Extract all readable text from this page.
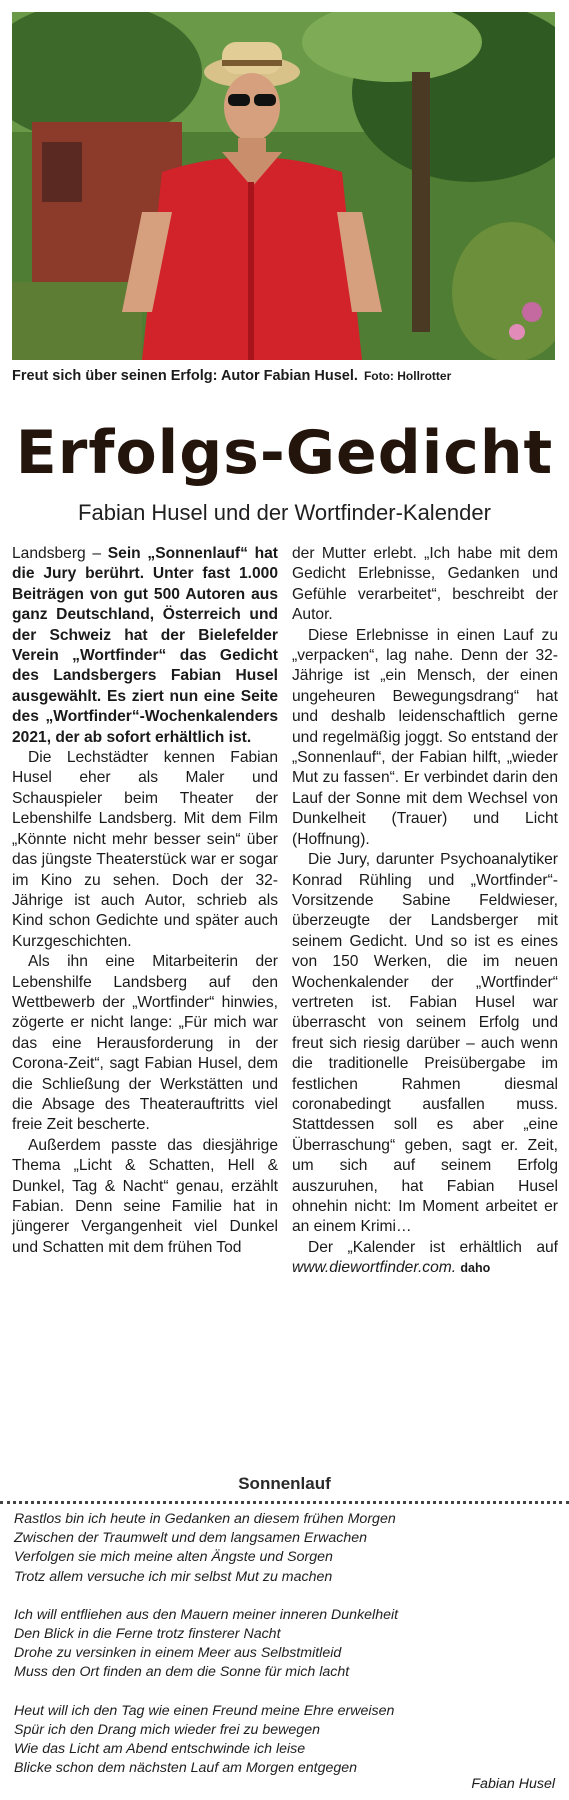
Freut sich über seinen Erfolg: Autor Fabian Husel. Foto: Hollrotter
Erfolgs-Gedicht
Fabian Husel und der Wortfinder-Kalender

Landsberg – Sein „Sonnenlauf“ hat die Jury berührt. Unter fast 1.000 Beiträgen von gut 500 Autoren aus ganz Deutschland, Österreich und der Schweiz hat der Bielefelder Verein „Wortfinder“ das Gedicht des Landsbergers Fabian Husel ausgewählt. Es ziert nun eine Seite des „Wortfinder“-Wochenkalenders 2021, der ab sofort erhältlich ist.

Die Lechstädter kennen Fabian Husel eher als Maler und Schauspieler beim Theater der Lebenshilfe Landsberg. Mit dem Film „Könnte nicht mehr besser sein“ über das jüngste Theaterstück war er sogar im Kino zu sehen. Doch der 32-Jährige ist auch Autor, schrieb als Kind schon Gedichte und später auch Kurzgeschichten.

Als ihn eine Mitarbeiterin der Lebenshilfe Landsberg auf den Wettbewerb der „Wortfinder“ hinwies, zögerte er nicht lange: „Für mich war das eine Herausforderung in der Corona-Zeit“, sagt Fabian Husel, dem die Schließung der Werkstätten und die Absage des Theaterauftritts viel freie Zeit bescherte.

Außerdem passte das diesjährige Thema „Licht & Schatten, Hell & Dunkel, Tag & Nacht“ genau, erzählt Fabian. Denn seine Familie hat in jüngerer Vergangenheit viel Dunkel und Schatten mit dem frühen Tod

der Mutter erlebt. „Ich habe mit dem Gedicht Erlebnisse, Gedanken und Gefühle verarbeitet“, beschreibt der Autor.

Diese Erlebnisse in einen Lauf zu „verpacken“, lag nahe. Denn der 32-Jährige ist „ein Mensch, der einen ungeheuren Bewegungsdrang“ hat und deshalb leidenschaftlich gerne und regelmäßig joggt. So entstand der „Sonnenlauf“, der Fabian hilft, „wieder Mut zu fassen“. Er verbindet darin den Lauf der Sonne mit dem Wechsel von Dunkelheit (Trauer) und Licht (Hoffnung).

Die Jury, darunter Psychoanalytiker Konrad Rühling und „Wortfinder“-Vorsitzende Sabine Feldwieser, überzeugte der Landsberger mit seinem Gedicht. Und so ist es eines von 150 Werken, die im neuen Wochenkalender der „Wortfinder“ vertreten ist. Fabian Husel war überrascht von seinem Erfolg und freut sich riesig darüber – auch wenn die traditionelle Preisübergabe im festlichen Rahmen diesmal coronabedingt ausfallen muss. Stattdessen soll es aber „eine Überraschung“ geben, sagt er. Zeit, um sich auf seinem Erfolg auszuruhen, hat Fabian Husel ohnehin nicht: Im Moment arbeitet er an einem Krimi…

Der „Kalender ist erhältlich auf www.diewortfinder.com. daho

Sonnenlauf
Rastlos bin ich heute in Gedanken an diesem frühen Morgen
Zwischen der Traumwelt und dem langsamen Erwachen
Verfolgen sie mich meine alten Ängste und Sorgen
Trotz allem versuche ich mir selbst Mut zu machen
Ich will entfliehen aus den Mauern meiner inneren Dunkelheit
Den Blick in die Ferne trotz finsterer Nacht
Drohe zu versinken in einem Meer aus Selbstmitleid
Muss den Ort finden an dem die Sonne für mich lacht
Heut will ich den Tag wie einen Freund meine Ehre erweisen
Spür ich den Drang mich wieder frei zu bewegen
Wie das Licht am Abend entschwinde ich leise
Blicke schon dem nächsten Lauf am Morgen entgegen
Fabian Husel
